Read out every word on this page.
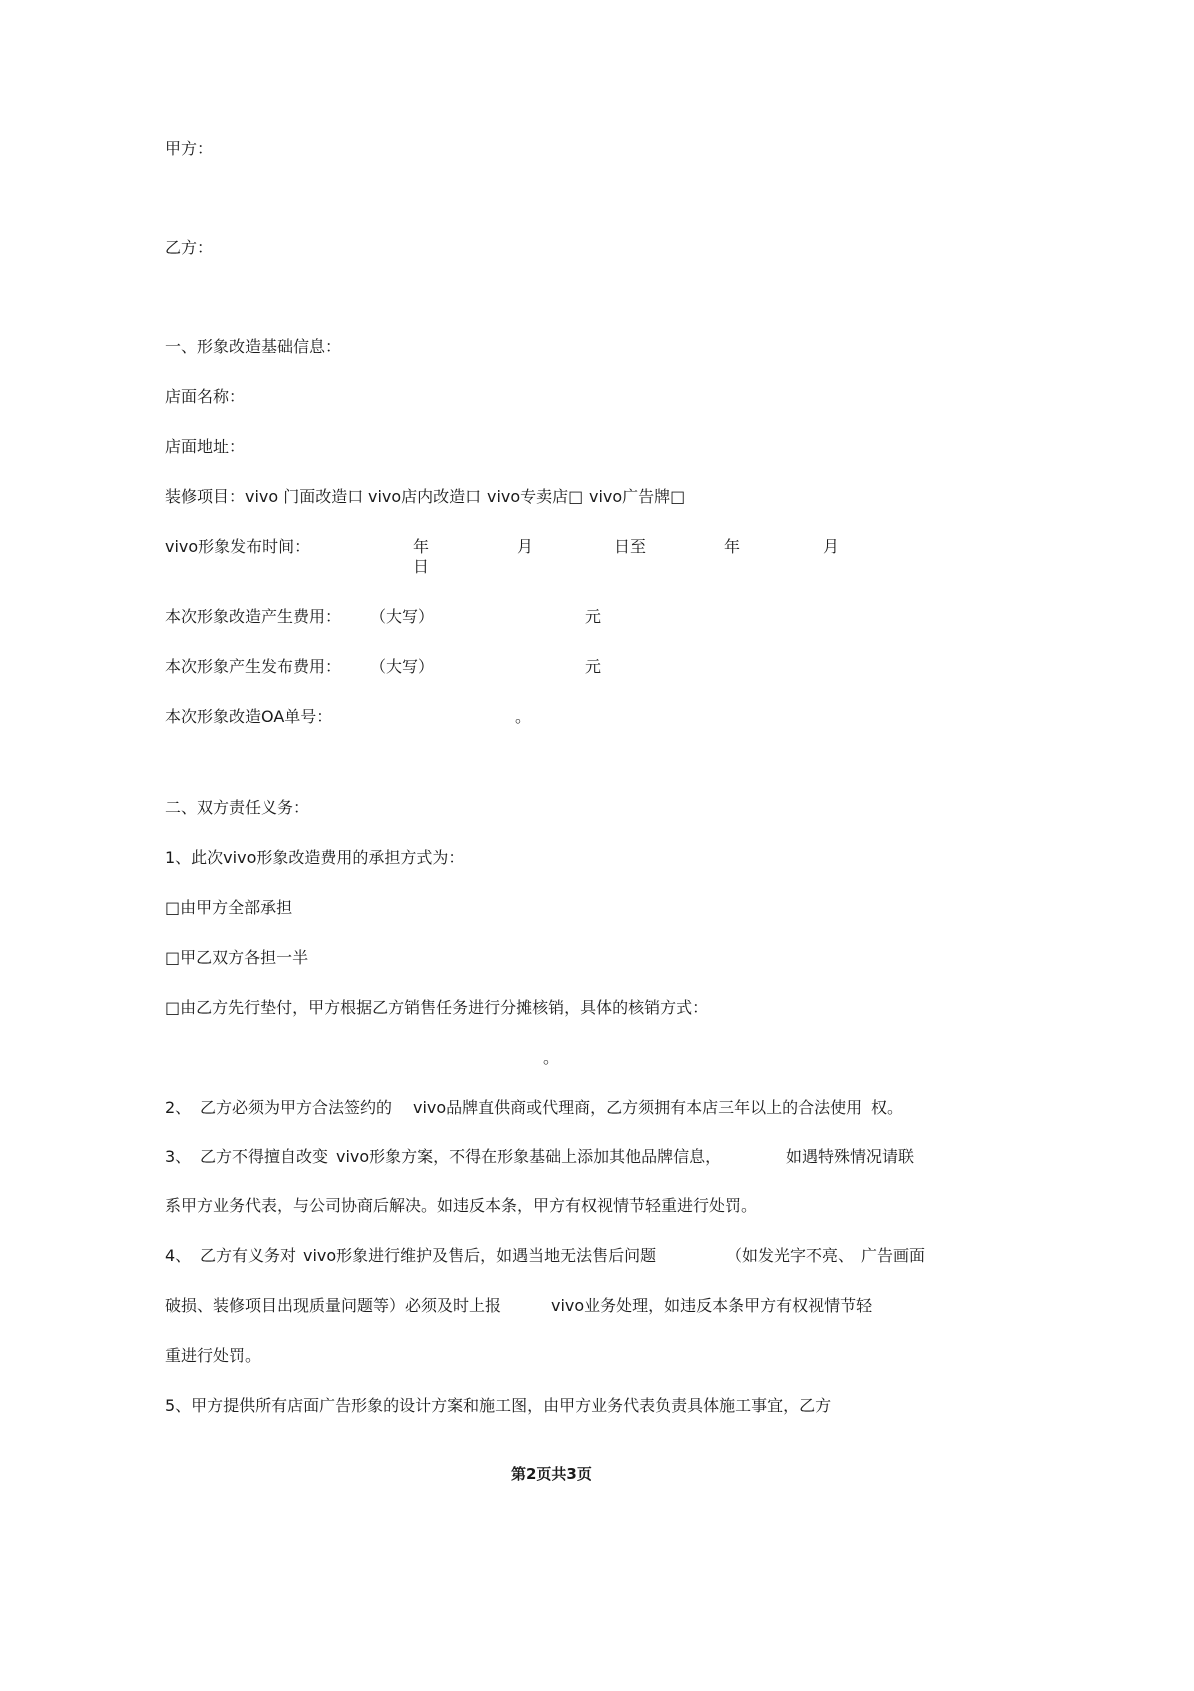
甲方：
乙方：
一、形象改造基础信息：
店面名称：
店面地址：
装修项目： vivo 门面改造口 vivo店内改造口 vivo专卖店□ vivo广告牌□
vivo形象发布时间：	年	月	日至	年	月
日
本次形象改造产生费用： （大写）	元
本次形象产生发布费用： （大写）	元
本次形象改造OA单号：	。
二、双方责任义务：
1、此次vivo形象改造费用的承担方式为：
□由甲方全部承担
□甲乙双方各担一半
□由乙方先行垫付，甲方根据乙方销售任务进行分摊核销，具体的核销方式：
。
2、 乙方必须为甲方合法签约的 vivo品牌直供商或代理商，乙方须拥有本店三年以上的合法使用 权。
3、 乙方不得擅自改变 vivo形象方案，不得在形象基础上添加其他品牌信息，	如遇特殊情况请联
系甲方业务代表，与公司协商后解决。如违反本条，甲方有权视情节轻重进行处罚。
4、 乙方有义务对 vivo形象进行维护及售后，如遇当地无法售后问题	（如发光字不亮、 广告画面
破损、装修项目出现质量问题等）必须及时上报	vivo业务处理，如违反本条甲方有权视情节轻
重进行处罚。
5、甲方提供所有店面广告形象的设计方案和施工图，由甲方业务代表负责具体施工事宜，乙方
第2页共3页
